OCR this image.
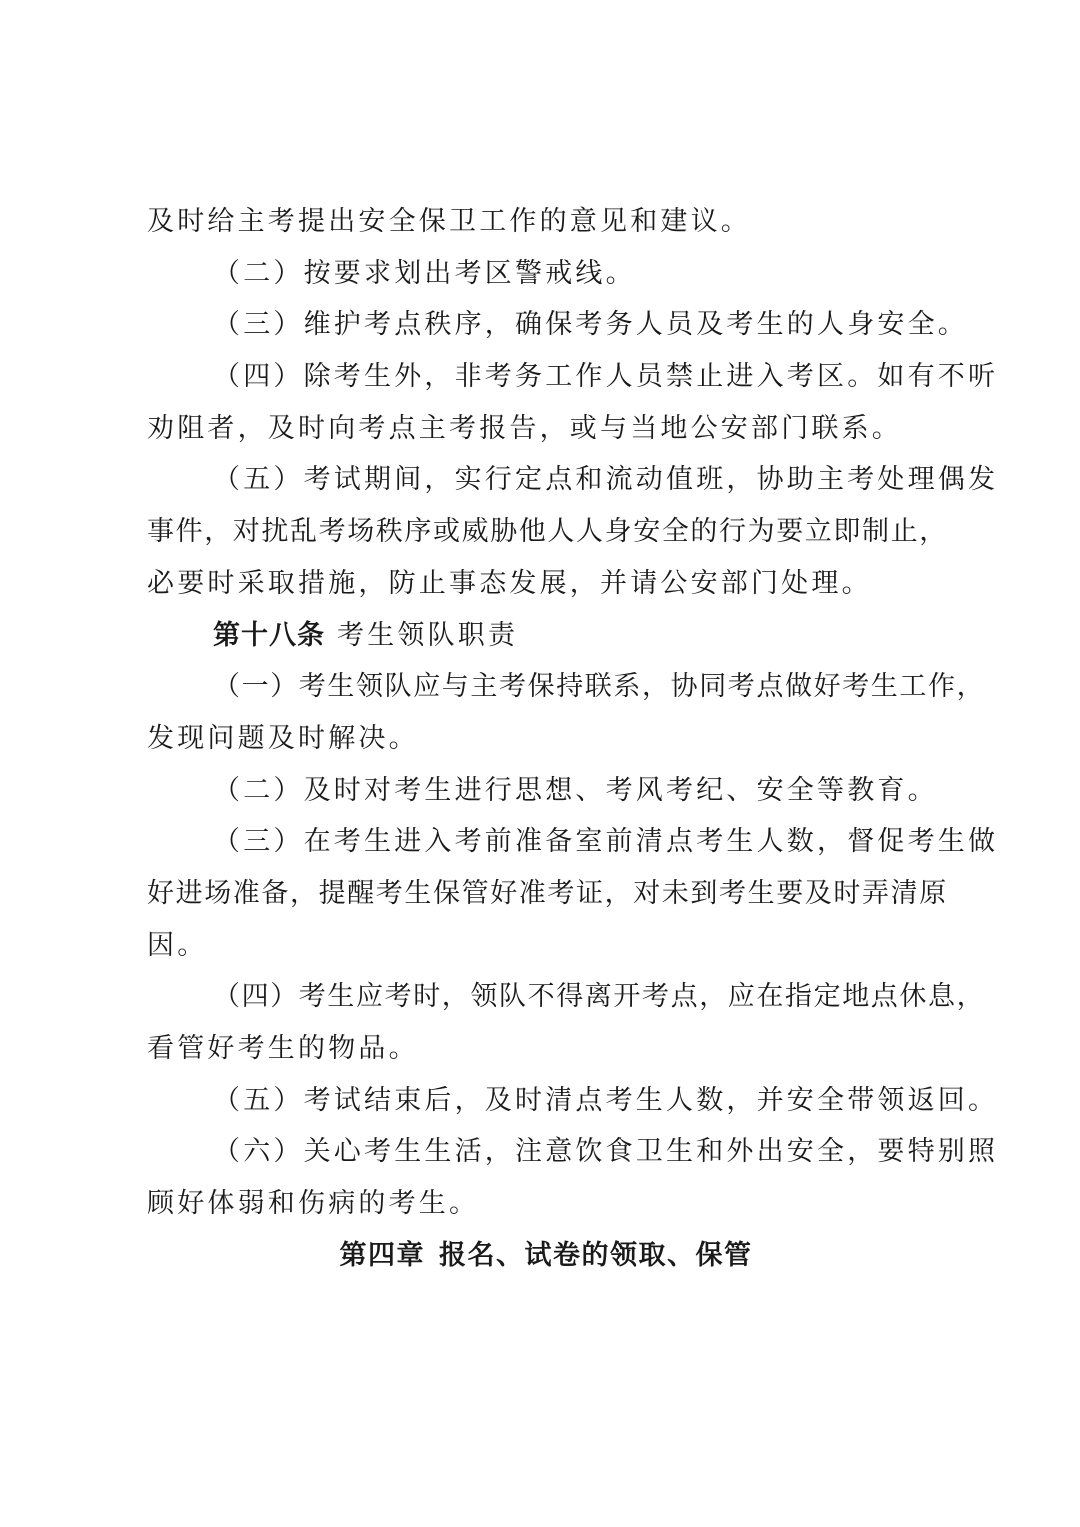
及时给主考提出安全保卫工作的意见和建议。
（二）按要求划出考区警戒线。
（三）维护考点秩序，确保考务人员及考生的人身安全。
（四）除考生外，非考务工作人员禁止进入考区。如有不听
劝阻者，及时向考点主考报告，或与当地公安部门联系。
（五）考试期间，实行定点和流动值班，协助主考处理偶发
事件，对扰乱考场秩序或威胁他人人身安全的行为要立即制止，
必要时采取措施，防止事态发展，并请公安部门处理。
第十八条 考生领队职责
（一）考生领队应与主考保持联系，协同考点做好考生工作，
发现问题及时解决。
（二）及时对考生进行思想、考风考纪、安全等教育。
（三）在考生进入考前准备室前清点考生人数，督促考生做
好进场准备，提醒考生保管好准考证，对未到考生要及时弄清原
因。
（四）考生应考时，领队不得离开考点，应在指定地点休息，
看管好考生的物品。
（五）考试结束后，及时清点考生人数，并安全带领返回。
（六）关心考生生活，注意饮食卫生和外出安全，要特别照
顾好体弱和伤病的考生。
第四章 报名、试卷的领取、保管
